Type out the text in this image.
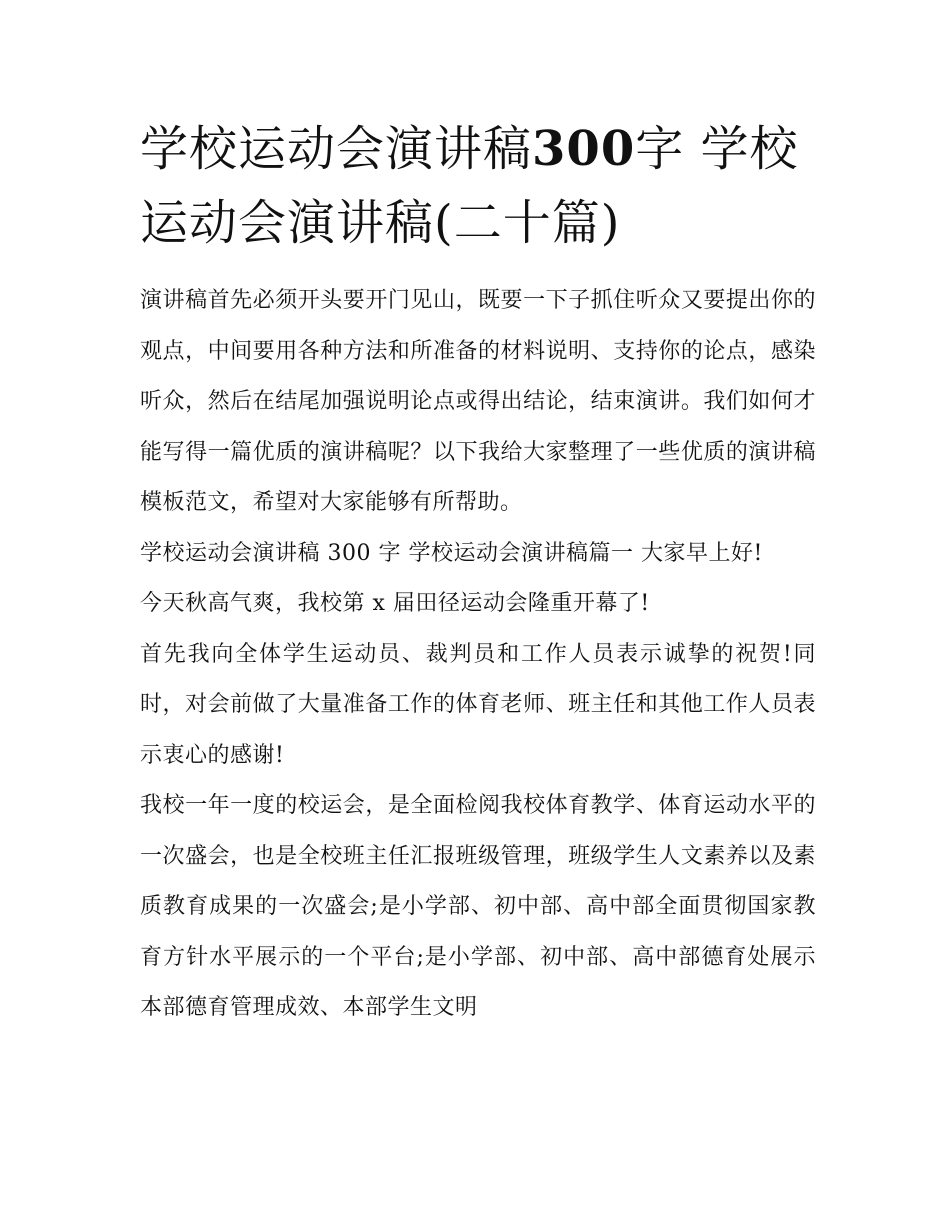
学校运动会演讲稿300字 学校运动会演讲稿(二十篇)

演讲稿首先必须开头要开门见山，既要一下子抓住听众又要提出你的观点，中间要用各种方法和所准备的材料说明、支持你的论点，感染听众，然后在结尾加强说明论点或得出结论，结束演讲。我们如何才能写得一篇优质的演讲稿呢？以下我给大家整理了一些优质的演讲稿模板范文，希望对大家能够有所帮助。

学校运动会演讲稿 300 字 学校运动会演讲稿篇一 大家早上好!

今天秋高气爽，我校第 x 届田径运动会隆重开幕了!

首先我向全体学生运动员、裁判员和工作人员表示诚挚的祝贺!同时，对会前做了大量准备工作的体育老师、班主任和其他工作人员表示衷心的感谢!

我校一年一度的校运会，是全面检阅我校体育教学、体育运动水平的一次盛会，也是全校班主任汇报班级管理，班级学生人文素养以及素质教育成果的一次盛会;是小学部、初中部、高中部全面贯彻国家教育方针水平展示的一个平台;是小学部、初中部、高中部德育处展示本部德育管理成效、本部学生文明
